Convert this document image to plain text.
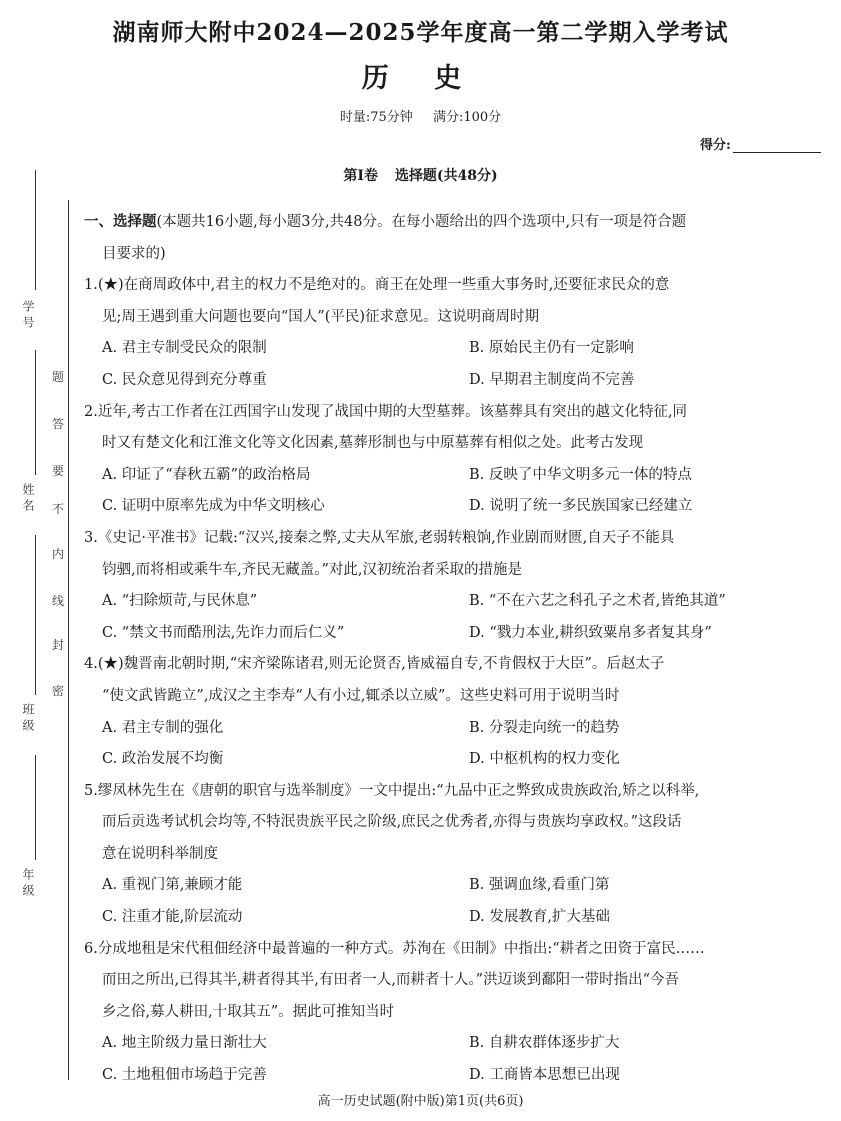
学 号
姓 名
班 级
年 级
题
答
要
不
内
线
封
密
湖南师大附中2024—2025学年度高一第二学期入学考试
历 史
时量:75分钟 满分:100分
得分:
第Ⅰ卷 选择题(共48分)

一、选择题(本题共16小题,每小题3分,共48分。在每小题给出的四个选项中,只有一项是符合题

目要求的)

1.(★)在商周政体中,君主的权力不是绝对的。商王在处理一些重大事务时,还要征求民众的意

见;周王遇到重大问题也要向“国人”(平民)征求意见。这说明商周时期

A. 君主专制受民众的限制	B. 原始民主仍有一定影响
C. 民众意见得到充分尊重	D. 早期君主制度尚不完善

2.近年,考古工作者在江西国字山发现了战国中期的大型墓葬。该墓葬具有突出的越文化特征,同

时又有楚文化和江淮文化等文化因素,墓葬形制也与中原墓葬有相似之处。此考古发现

A. 印证了“春秋五霸”的政治格局	B. 反映了中华文明多元一体的特点
C. 证明中原率先成为中华文明核心	D. 说明了统一多民族国家已经建立

3.《史记·平准书》记载:“汉兴,接秦之弊,丈夫从军旅,老弱转粮饷,作业剧而财匮,自天子不能具

钧驷,而将相或乘牛车,齐民无藏盖。”对此,汉初统治者采取的措施是

A. “扫除烦苛,与民休息”	B. “不在六艺之科孔子之术者,皆绝其道”
C. “禁文书而酷刑法,先诈力而后仁义”	D. “戮力本业,耕织致粟帛多者复其身”

4.(★)魏晋南北朝时期,“宋齐梁陈诸君,则无论贤否,皆威福自专,不肯假权于大臣”。后赵太子

“使文武皆跪立”,成汉之主李寿“人有小过,辄杀以立威”。这些史料可用于说明当时

A. 君主专制的强化	B. 分裂走向统一的趋势
C. 政治发展不均衡	D. 中枢机构的权力变化

5.缪凤林先生在《唐朝的职官与选举制度》一文中提出:“九品中正之弊致成贵族政治,矫之以科举,

而后贡选考试机会均等,不特泯贵族平民之阶级,庶民之优秀者,亦得与贵族均享政权。”这段话

意在说明科举制度

A. 重视门第,兼顾才能	B. 强调血缘,看重门第
C. 注重才能,阶层流动	D. 发展教育,扩大基础

6.分成地租是宋代租佃经济中最普遍的一种方式。苏洵在《田制》中指出:“耕者之田资于富民……

而田之所出,已得其半,耕者得其半,有田者一人,而耕者十人。”洪迈谈到鄱阳一带时指出“今吾

乡之俗,募人耕田,十取其五”。据此可推知当时

A. 地主阶级力量日渐壮大	B. 自耕农群体逐步扩大
C. 土地租佃市场趋于完善	D. 工商皆本思想已出现
高一历史试题(附中版)第1页(共6页)
